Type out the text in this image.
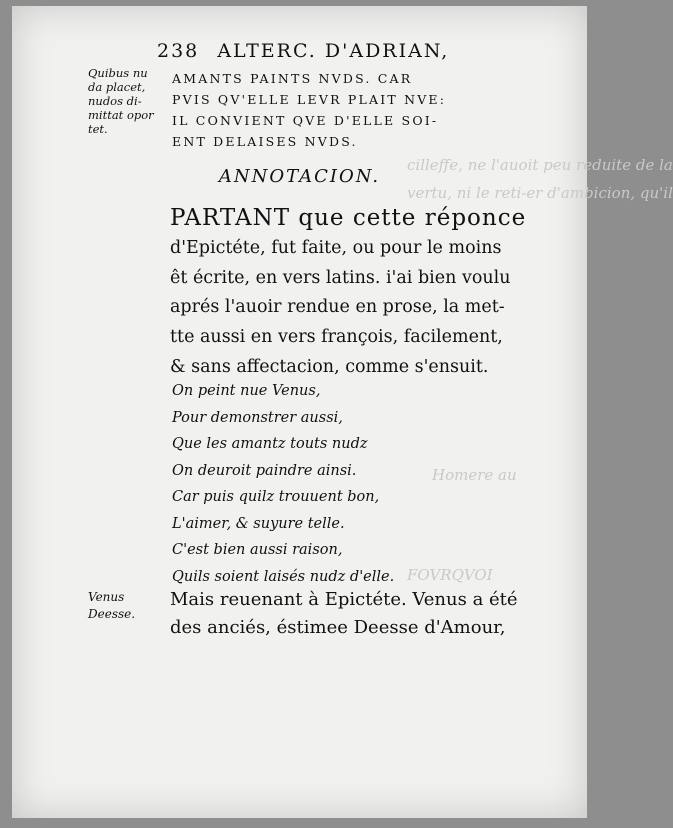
cilleffe, ne l'auoit peu reduite de la
vertu, ni le reti-er d'ambicion, qu'il
Homere au
FOVRQVOI
238 ALTERC. D'ADRIAN,
Quibus nu
da placet,
nudos di-
mittat opor
tet.
AMANTS PAINTS NVDS. CAR
PVIS QV'ELLE LEVR PLAIT NVE:
IL CONVIENT QVE D'ELLE SOI-
ENT DELAISES NVDS.
ANNOTACION.
PARTANT que cette réponce
d'Epictéte, fut faite, ou pour le moins
êt écrite, en vers latins. i'ai bien voulu
aprés l'auoir rendue en prose, la met-
tte aussi en vers françois, facilement,
& sans affectacion, comme s'ensuit.
On peint nue Venus,
Pour demonstrer aussi,
Que les amantz touts nudz
On deuroit paindre ainsi.
Car puis quilz trouuent bon,
L'aimer, & suyure telle.
C'est bien aussi raison,
Quils soient laisés nudz d'elle.
Venus
Deesse.
Mais reuenant à Epictéte. Venus a été
des anciés, éstimee Deesse d'Amour,
